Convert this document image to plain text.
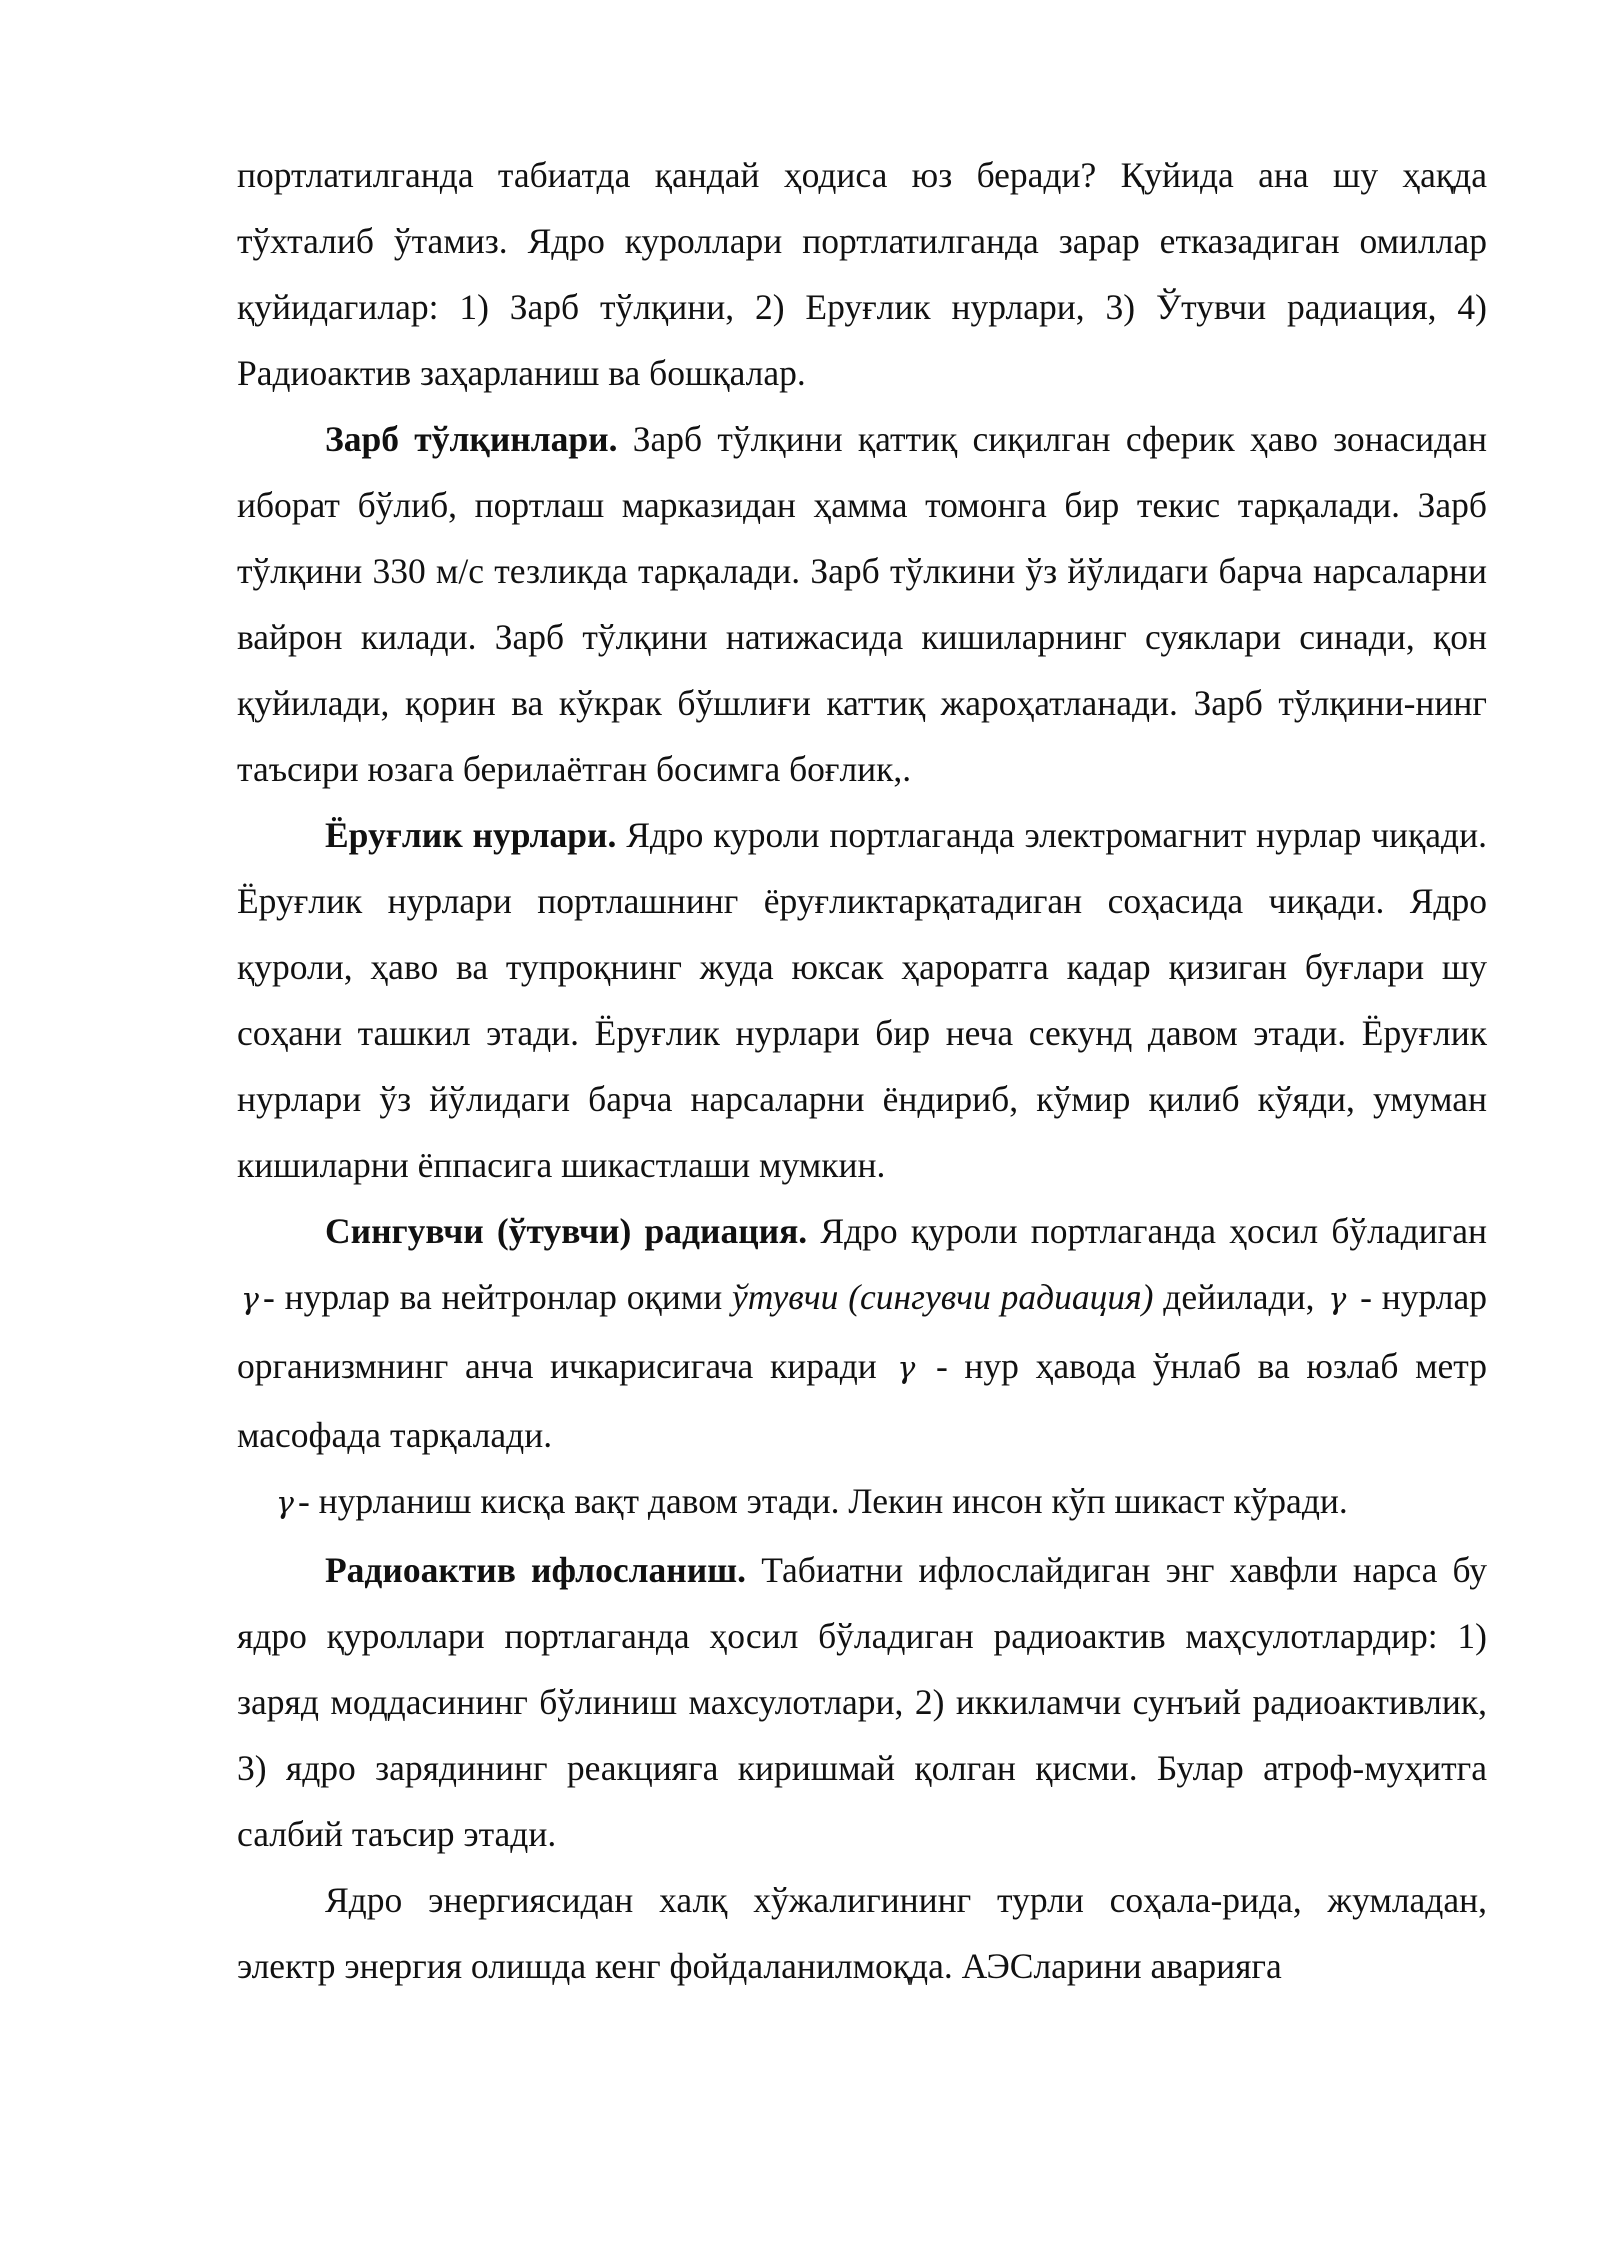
портлатилганда табиатда қандай ҳодиса юз беради? Қуйида ана шу ҳақда тўхталиб ўтамиз. Ядро куроллари портлатилганда зарар етказадиган омиллар қуйидагилар: 1) Зарб тўлқини, 2) Еруғлик нурлари, 3) Ўтувчи радиация, 4) Радиоактив заҳарланиш ва бошқалар.

Зарб тўлқинлари. Зарб тўлқини қаттиқ сиқилган сферик ҳаво зонасидан иборат бўлиб, портлаш марказидан ҳамма томонга бир текис тарқалади. Зарб тўлқини 330 м/с тезликда тарқалади. Зарб тўлкини ўз йўлидаги барча нарсаларни вайрон килади. Зарб тўлқини натижасида кишиларнинг суяклари синади, қон қуйилади, қорин ва кўкрак бўшлиғи каттиқ жароҳатланади. Зарб тўлқини-нинг таъсири юзага берилаётган босимга боғлик,.

Ёруғлик нурлари. Ядро куроли портлаганда электромагнит нурлар чиқади. Ёруғлик нурлари портлашнинг ёруғликтарқатадиган соҳасида чиқади. Ядро қуроли, ҳаво ва тупроқнинг жуда юксак ҳароратга кадар қизиган буғлари шу соҳани ташкил этади. Ёруғлик нурлари бир неча секунд давом этади. Ёруғлик нурлари ўз йўлидаги барча нарсаларни ёндириб, кўмир қилиб кўяди, умуман кишиларни ёппасига шикастлаши мумкин.

Сингувчи (ўтувчи) радиация. Ядро қуроли портлаганда ҳосил бўладиган γ - нурлар ва нейтронлар оқими ўтувчи (сингувчи радиация) дейилади, γ - нурлар организмнинг анча ичкарисигача киради γ - нур ҳавода ўнлаб ва юзлаб метр масофада тарқалади.

γ - нурланиш кисқа вақт давом этади. Лекин инсон кўп шикаст кўради.

Радиоактив ифлосланиш. Табиатни ифлослайдиган энг хавфли нарса бу ядро қуроллари портлаганда ҳосил бўладиган радиоактив маҳсулотлардир: 1) заряд моддасининг бўлиниш махсулотлари, 2) иккиламчи сунъий радиоактивлик, 3) ядро зарядининг реакцияга киришмай қолган қисми. Булар атроф-муҳитга салбий таъсир этади.

Ядро энергиясидан халқ хўжалигининг турли соҳала-рида, жумладан, электр энергия олишда кенг фойдаланилмоқда. АЭСларини аварияга
